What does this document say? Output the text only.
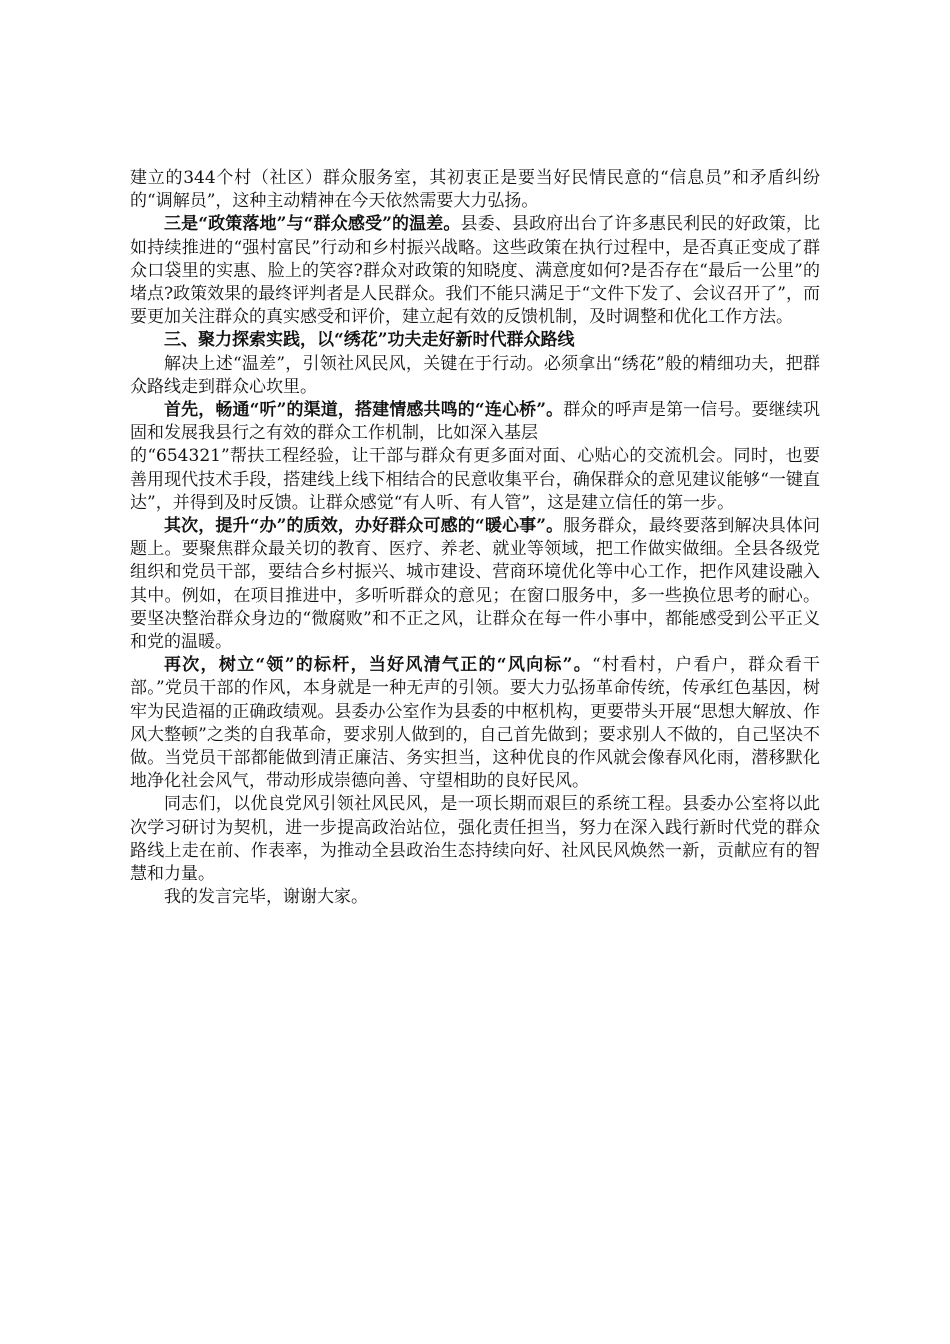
建立的344个村（社区）群众服务室，其初衷正是要当好民情民意的“信息员”和矛盾纠纷的“调解员”，这种主动精神在今天依然需要大力弘扬。

三是“政策落地”与“群众感受”的温差。县委、县政府出台了许多惠民利民的好政策，比如持续推进的“强村富民”行动和乡村振兴战略。这些政策在执行过程中，是否真正变成了群众口袋里的实惠、脸上的笑容?群众对政策的知晓度、满意度如何?是否存在“最后一公里”的堵点?政策效果的最终评判者是人民群众。我们不能只满足于“文件下发了、会议召开了”，而要更加关注群众的真实感受和评价，建立起有效的反馈机制，及时调整和优化工作方法。

三、聚力探索实践，以“绣花”功夫走好新时代群众路线

解决上述“温差”，引领社风民风，关键在于行动。必须拿出“绣花”般的精细功夫，把群众路线走到群众心坎里。

首先，畅通“听”的渠道，搭建情感共鸣的“连心桥”。群众的呼声是第一信号。要继续巩固和发展我县行之有效的群众工作机制，比如深入基层
的“654321”帮扶工程经验，让干部与群众有更多面对面、心贴心的交流机会。同时，也要善用现代技术手段，搭建线上线下相结合的民意收集平台，确保群众的意见建议能够“一键直达”，并得到及时反馈。让群众感觉“有人听、有人管”，这是建立信任的第一步。

其次，提升“办”的质效，办好群众可感的“暖心事”。服务群众，最终要落到解决具体问题上。要聚焦群众最关切的教育、医疗、养老、就业等领域，把工作做实做细。全县各级党组织和党员干部，要结合乡村振兴、城市建设、营商环境优化等中心工作，把作风建设融入其中。例如，在项目推进中，多听听群众的意见；在窗口服务中，多一些换位思考的耐心。要坚决整治群众身边的“微腐败”和不正之风，让群众在每一件小事中，都能感受到公平正义和党的温暖。

再次，树立“领”的标杆，当好风清气正的“风向标”。“村看村，户看户，群众看干部。”党员干部的作风，本身就是一种无声的引领。要大力弘扬革命传统，传承红色基因，树牢为民造福的正确政绩观。县委办公室作为县委的中枢机构，更要带头开展“思想大解放、作风大整顿”之类的自我革命，要求别人做到的，自己首先做到；要求别人不做的，自己坚决不做。当党员干部都能做到清正廉洁、务实担当，这种优良的作风就会像春风化雨，潜移默化地净化社会风气，带动形成崇德向善、守望相助的良好民风。

同志们，以优良党风引领社风民风，是一项长期而艰巨的系统工程。县委办公室将以此次学习研讨为契机，进一步提高政治站位，强化责任担当，努力在深入践行新时代党的群众路线上走在前、作表率，为推动全县政治生态持续向好、社风民风焕然一新，贡献应有的智慧和力量。

我的发言完毕，谢谢大家。
